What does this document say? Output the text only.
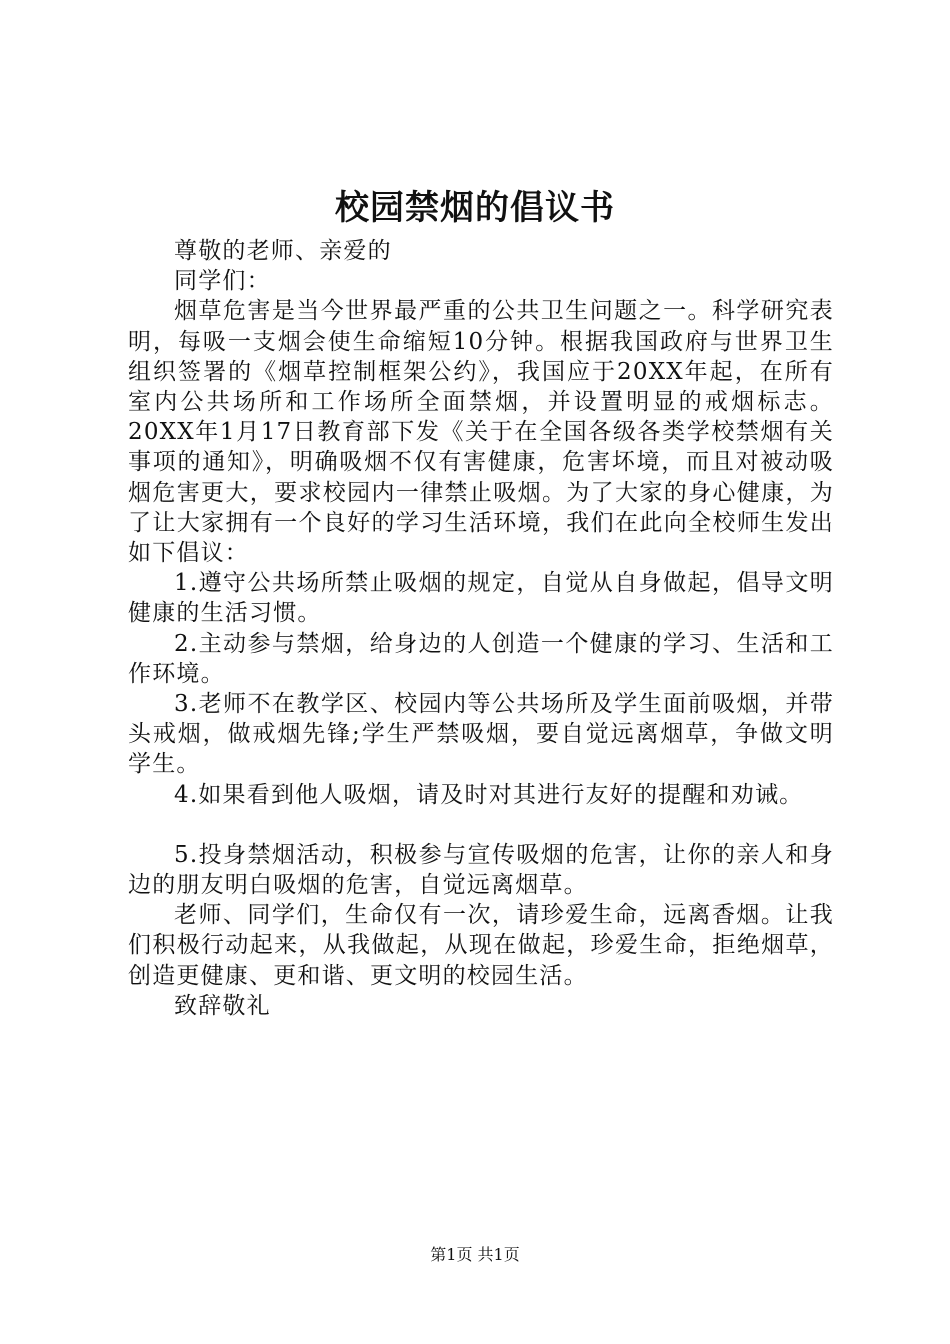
校园禁烟的倡议书

尊敬的老师、亲爱的

同学们：

烟草危害是当今世界最严重的公共卫生问题之一。科学研究表明，每吸一支烟会使生命缩短10分钟。根据我国政府与世界卫生组织签署的《烟草控制框架公约》，我国应于20XX年起，在所有室内公共场所和工作场所全面禁烟，并设置明显的戒烟标志。20XX年1月17日教育部下发《关于在全国各级各类学校禁烟有关事项的通知》，明确吸烟不仅有害健康，危害坏境，而且对被动吸烟危害更大，要求校园内一律禁止吸烟。为了大家的身心健康，为了让大家拥有一个良好的学习生活环境，我们在此向全校师生发出如下倡议：

1.遵守公共场所禁止吸烟的规定，自觉从自身做起，倡导文明健康的生活习惯。

2.主动参与禁烟，给身边的人创造一个健康的学习、生活和工作环境。

3.老师不在教学区、校园内等公共场所及学生面前吸烟，并带头戒烟，做戒烟先锋;学生严禁吸烟，要自觉远离烟草，争做文明学生。

4.如果看到他人吸烟，请及时对其进行友好的提醒和劝诫。

5.投身禁烟活动，积极参与宣传吸烟的危害，让你的亲人和身边的朋友明白吸烟的危害，自觉远离烟草。

老师、同学们，生命仅有一次，请珍爱生命，远离香烟。让我们积极行动起来，从我做起，从现在做起，珍爱生命，拒绝烟草，创造更健康、更和谐、更文明的校园生活。

致辞敬礼

第1页 共1页
